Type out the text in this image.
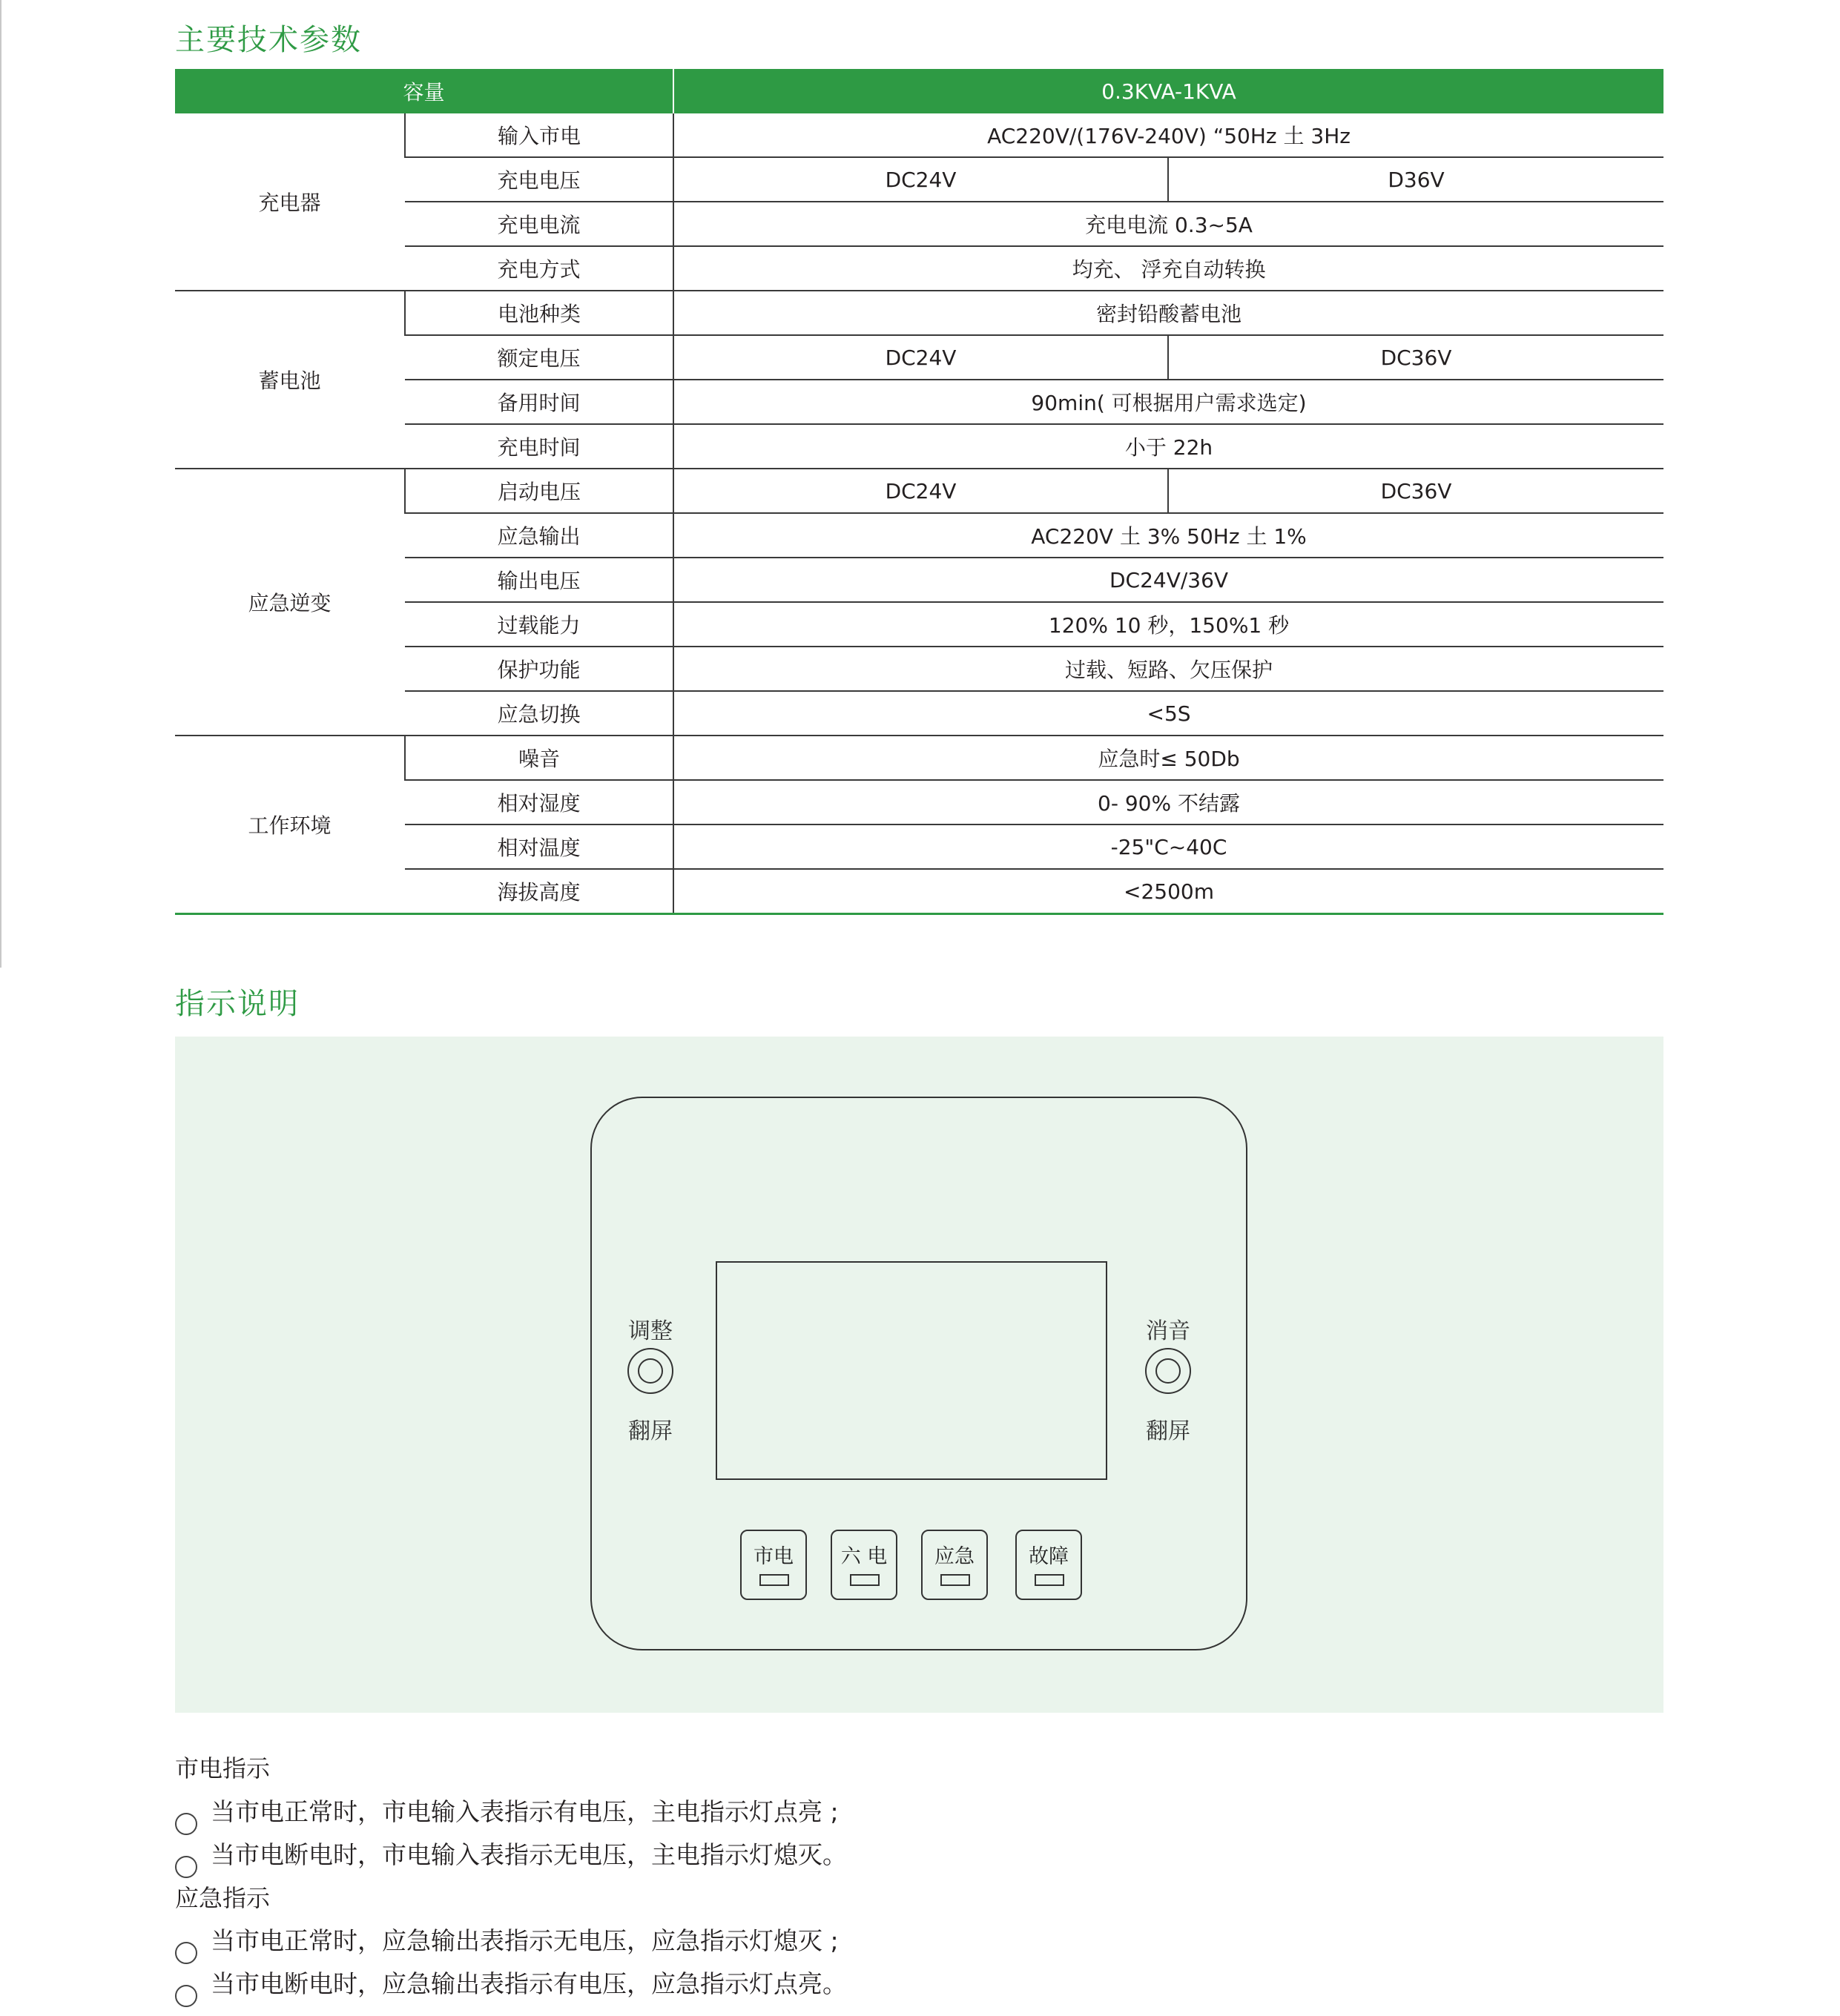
主要技术参数
容量		0.3KVA-1KVA	
充电器	输入市电	AC220V/(176V-240V) “50Hz 土 3Hz	
	充电电压	DC24V	D36V
	充电电流	充电电流 0.3~5A	
	充电方式	均充、 浮充自动转换	
蓄电池	电池种类	密封铅酸蓄电池	
	额定电压	DC24V	DC36V
	备用时间	90min( 可根据用户需求选定)	
	充电时间	小于 22h	
应急逆变	启动电压	DC24V	DC36V
	应急输出	AC220V 土 3% 50Hz 土 1%	
	输出电压	DC24V/36V	
	过载能力	120% 10 秒，150%1 秒	
	保护功能	过载、短路、欠压保护	
	应急切换	<5S	
工作环境	噪音	应急时≤ 50Db	
	相对湿度	0- 90% 不结露	
	相对温度	-25"C~40C	
	海拔高度	<2500m	
指示说明
调整
翻屏
消音
翻屏
市电	六 电	应急	故障
市电指示
当市电正常时，市电输入表指示有电压，主电指示灯点亮 ;
当市电断电时，市电输入表指示无电压，主电指示灯熄灭。
应急指示
当市电正常时，应急输出表指示无电压，应急指示灯熄灭 ;
当市电断电时，应急输出表指示有电压，应急指示灯点亮。
